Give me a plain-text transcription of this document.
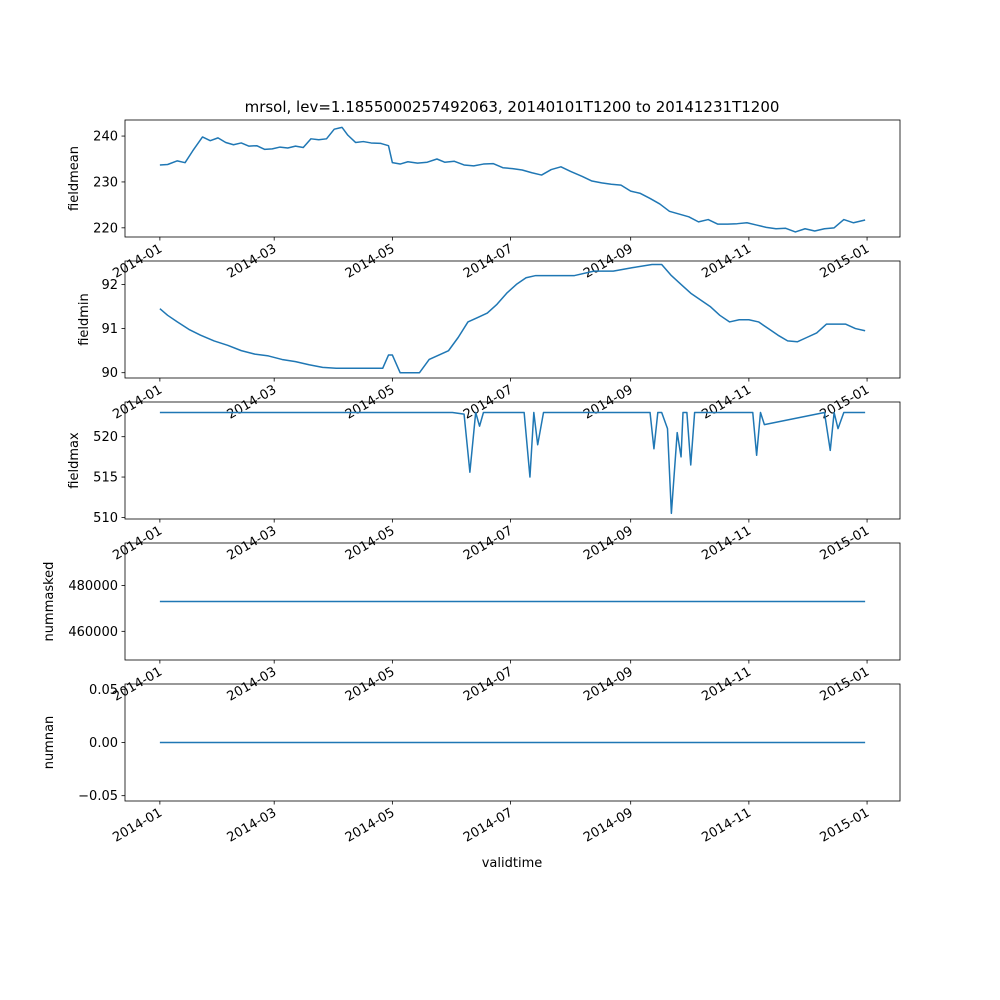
mrsol, lev=1.1855000257492063, 20140101T1200 to 20141231T1200
220
230
240
2014-01	2014-03	2014-05	2014-07	2014-09	2014-11	2015-01
fieldmean
90
91
92
2014-01	2014-03	2014-05	2014-07	2014-09	2014-11	2015-01
fieldmin
510
515
520
2014-01	2014-03	2014-05	2014-07	2014-09	2014-11	2015-01
fieldmax
460000
480000
2014-01	2014-03	2014-05	2014-07	2014-09	2014-11	2015-01
nummasked
−0.05
0.00
0.05
2014-01	2014-03	2014-05	2014-07	2014-09	2014-11	2015-01
numnan
validtime
